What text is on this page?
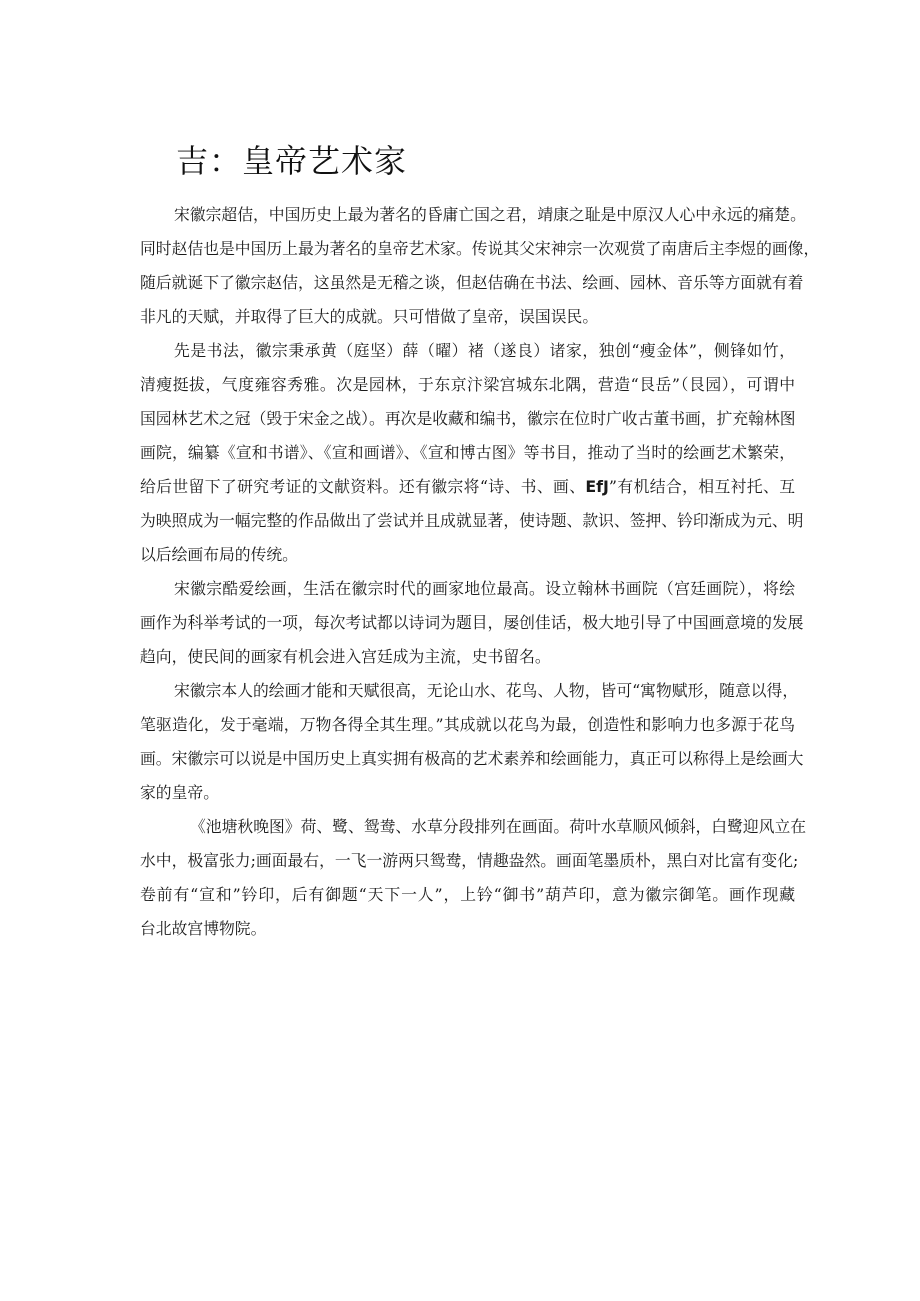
吉：皇帝艺术家
宋徽宗超佶，中国历史上最为著名的昏庸亡国之君，靖康之耻是中原汉人心中永远的痛楚。
同时赵佶也是中国历上最为著名的皇帝艺术家。传说其父宋神宗一次观赏了南唐后主李煜的画像，
随后就诞下了徽宗赵佶，这虽然是无稽之谈，但赵佶确在书法、绘画、园林、音乐等方面就有着
非凡的天赋，并取得了巨大的成就。只可惜做了皇帝，误国误民。
先是书法，徽宗秉承黄（庭坚）薛（曜）褚（遂良）诸家，独创“瘦金体”，侧锋如竹，
清瘦挺拔，气度雍容秀雅。次是园林，于东京汴梁宫城东北隅，营造“艮岳”（艮园），可谓中
国园林艺术之冠（毁于宋金之战）。再次是收藏和编书，徽宗在位时广收古董书画，扩充翰林图
画院，编纂《宣和书谱》、《宣和画谱》、《宣和博古图》等书目，推动了当时的绘画艺术繁荣，
给后世留下了研究考证的文献资料。还有徽宗将“诗、书、画、EfJ”有机结合，相互衬托、互
为映照成为一幅完整的作品做出了尝试并且成就显著，使诗题、款识、签押、钤印渐成为元、明
以后绘画布局的传统。
宋徽宗酷爱绘画，生活在徽宗时代的画家地位最高。设立翰林书画院（宫廷画院），将绘
画作为科举考试的一项，每次考试都以诗词为题目，屡创佳话，极大地引导了中国画意境的发展
趋向，使民间的画家有机会进入宫廷成为主流，史书留名。
宋徽宗本人的绘画才能和天赋很高，无论山水、花鸟、人物，皆可“寓物赋形，随意以得，
笔驱造化，发于毫端，万物各得全其生理。”其成就以花鸟为最，创造性和影响力也多源于花鸟
画。宋徽宗可以说是中国历史上真实拥有极高的艺术素养和绘画能力，真正可以称得上是绘画大
家的皇帝。
《池塘秋晚图》荷、鹭、鸳鸯、水草分段排列在画面。荷叶水草顺风倾斜，白鹭迎风立在
水中，极富张力;画面最右，一飞一游两只鸳鸯，情趣盎然。画面笔墨质朴，黑白对比富有变化;
卷前有“宣和”钤印，后有御题“天下一人”，上钤“御书”葫芦印，意为徽宗御笔。画作现藏
台北故宫博物院。
